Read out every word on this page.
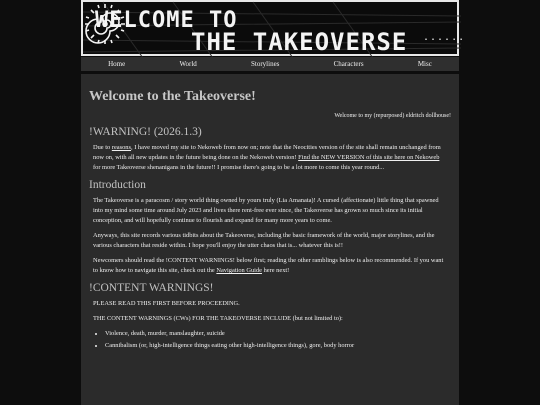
WELCOME TO
THE TAKEOVERSE ......
Home	World	Storylines	Characters	Misc
Welcome to the Takeoverse!
Welcome to my (repurposed) eldritch dollhouse!
!WARNING! (2026.1.3)

Due to reasons, I have moved my site to Nekoweb from now on; note that the Neocities version of the site shall remain unchanged from now on, with all new updates in the future being done on the Nekoweb version! Find the NEW VERSION of this site here on Nekoweb for more Takeoverse shenanigans in the future!! I promise there's going to be a lot more to come this year round...

Introduction

The Takeoverse is a paracosm / story world thing owned by yours truly (Lia Amanata)! A cursed (affectionate) little thing that spawned into my mind some time around July 2023 and lives there rent-free ever since, the Takeoverse has grown so much since its initial conception, and will hopefully continue to flourish and expand for many more years to come.

Anyways, this site records various tidbits about the Takeoverse, including the basic framework of the world, major storylines, and the various characters that reside within. I hope you'll enjoy the utter chaos that is... whatever this is!!

Newcomers should read the !CONTENT WARNINGS! below first; reading the other ramblings below is also recommended. If you want to know how to navigate this site, check out the Navigation Guide here next!

!CONTENT WARNINGS!

PLEASE READ THIS FIRST BEFORE PROCEEDING.

THE CONTENT WARNINGS (CWs) FOR THE TAKEOVERSE INCLUDE (but not limited to):

• Violence, death, murder, manslaughter, suicide
• Cannibalism (or, high-intelligence things eating other high-intelligence things), gore, body horror
